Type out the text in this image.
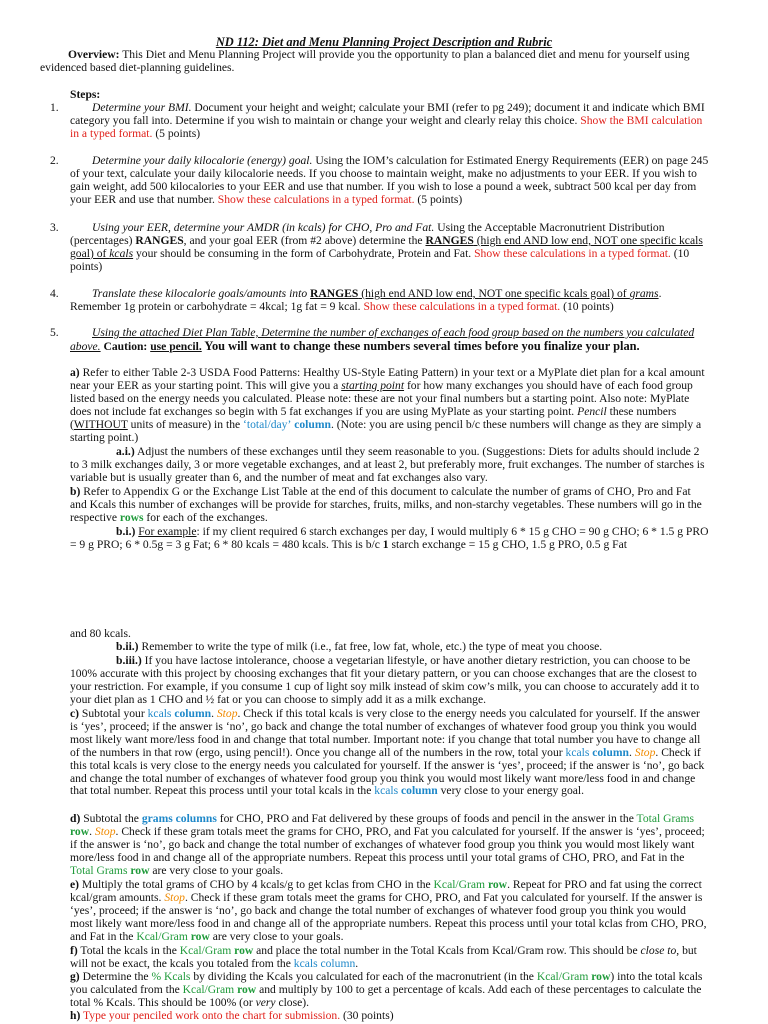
ND 112: Diet and Menu Planning Project Description and Rubric
Overview: This Diet and Menu Planning Project will provide you the opportunity to plan a balanced diet and menu for yourself using evidenced based diet-planning guidelines.
Steps:
1.	Determine your BMI. Document your height and weight; calculate your BMI (refer to pg 249); document it and indicate which BMI category you fall into. Determine if you wish to maintain or change your weight and clearly relay this choice. Show the BMI calculation in a typed format. (5 points)
2.	Determine your daily kilocalorie (energy) goal. Using the IOM’s calculation for Estimated Energy Requirements (EER) on page 245 of your text, calculate your daily kilocalorie needs. If you choose to maintain weight, make no adjustments to your EER. If you wish to gain weight, add 500 kilocalories to your EER and use that number. If you wish to lose a pound a week, subtract 500 kcal per day from your EER and use that number. Show these calculations in a typed format. (5 points)
3.	Using your EER, determine your AMDR (in kcals) for CHO, Pro and Fat. Using the Acceptable Macronutrient Distribution (percentages) RANGES, and your goal EER (from #2 above) determine the RANGES (high end AND low end, NOT one specific kcals goal) of kcals your should be consuming in the form of Carbohydrate, Protein and Fat. Show these calculations in a typed format. (10 points)
4.	Translate these kilocalorie goals/amounts into RANGES (high end AND low end, NOT one specific kcals goal) of grams. Remember 1g protein or carbohydrate = 4kcal; 1g fat = 9 kcal. Show these calculations in a typed format. (10 points)
5.	Using the attached Diet Plan Table, Determine the number of exchanges of each food group based on the numbers you calculated above. Caution: use pencil. You will want to change these numbers several times before you finalize your plan.
a) Refer to either Table 2-3 USDA Food Patterns: Healthy US-Style Eating Pattern) in your text or a MyPlate diet plan for a kcal amount near your EER as your starting point. This will give you a starting point for how many exchanges you should have of each food group listed based on the energy needs you calculated. Please note: these are not your final numbers but a starting point. Also note: MyPlate does not include fat exchanges so begin with 5 fat exchanges if you are using MyPlate as your starting point. Pencil these numbers (WITHOUT units of measure) in the ‘total/day’ column. (Note: you are using pencil b/c these numbers will change as they are simply a starting point.)
a.i.) Adjust the numbers of these exchanges until they seem reasonable to you. (Suggestions: Diets for adults should include 2 to 3 milk exchanges daily, 3 or more vegetable exchanges, and at least 2, but preferably more, fruit exchanges. The number of starches is variable but is usually greater than 6, and the number of meat and fat exchanges also vary.
b) Refer to Appendix G or the Exchange List Table at the end of this document to calculate the number of grams of CHO, Pro and Fat and Kcals this number of exchanges will be provide for starches, fruits, milks, and non-starchy vegetables. These numbers will go in the respective rows for each of the exchanges.
b.i.) For example: if my client required 6 starch exchanges per day, I would multiply 6 * 15 g CHO = 90 g CHO; 6 * 1.5 g PRO = 9 g PRO; 6 * 0.5g = 3 g Fat; 6 * 80 kcals = 480 kcals. This is b/c 1 starch exchange = 15 g CHO, 1.5 g PRO, 0.5 g Fat
and 80 kcals.
b.ii.) Remember to write the type of milk (i.e., fat free, low fat, whole, etc.) the type of meat you choose.
b.iii.) If you have lactose intolerance, choose a vegetarian lifestyle, or have another dietary restriction, you can choose to be 100% accurate with this project by choosing exchanges that fit your dietary pattern, or you can choose exchanges that are the closest to your restriction. For example, if you consume 1 cup of light soy milk instead of skim cow’s milk, you can choose to accurately add it to your diet plan as 1 CHO and ½ fat or you can choose to simply add it as a milk exchange.
c) Subtotal your kcals column. Stop. Check if this total kcals is very close to the energy needs you calculated for yourself. If the answer is ‘yes’, proceed; if the answer is ‘no’, go back and change the total number of exchanges of whatever food group you think you would most likely want more/less food in and change that total number. Important note: if you change that total number you have to change all of the numbers in that row (ergo, using pencil!). Once you change all of the numbers in the row, total your kcals column. Stop. Check if this total kcals is very close to the energy needs you calculated for yourself. If the answer is ‘yes’, proceed; if the answer is ‘no’, go back and change the total number of exchanges of whatever food group you think you would most likely want more/less food in and change that total number. Repeat this process until your total kcals in the kcals column very close to your energy goal.
d) Subtotal the grams columns for CHO, PRO and Fat delivered by these groups of foods and pencil in the answer in the Total Grams row. Stop. Check if these gram totals meet the grams for CHO, PRO, and Fat you calculated for yourself. If the answer is ‘yes’, proceed; if the answer is ‘no’, go back and change the total number of exchanges of whatever food group you think you would most likely want more/less food in and change all of the appropriate numbers. Repeat this process until your total grams of CHO, PRO, and Fat in the Total Grams row are very close to your goals.
e) Multiply the total grams of CHO by 4 kcals/g to get kclas from CHO in the Kcal/Gram row. Repeat for PRO and fat using the correct kcal/gram amounts. Stop. Check if these gram totals meet the grams for CHO, PRO, and Fat you calculated for yourself. If the answer is ‘yes’, proceed; if the answer is ‘no’, go back and change the total number of exchanges of whatever food group you think you would most likely want more/less food in and change all of the appropriate numbers. Repeat this process until your total kclas from CHO, PRO, and Fat in the Kcal/Gram row are very close to your goals.
f) Total the kcals in the Kcal/Gram row and place the total number in the Total Kcals from Kcal/Gram row. This should be close to, but will not be exact, the kcals you totaled from the kcals column.
g) Determine the % Kcals by dividing the Kcals you calculated for each of the macronutrient (in the Kcal/Gram row) into the total kcals you calculated from the Kcal/Gram row and multiply by 100 to get a percentage of kcals. Add each of these percentages to calculate the total % Kcals. This should be 100% (or very close).
h) Type your penciled work onto the chart for submission. (30 points)
